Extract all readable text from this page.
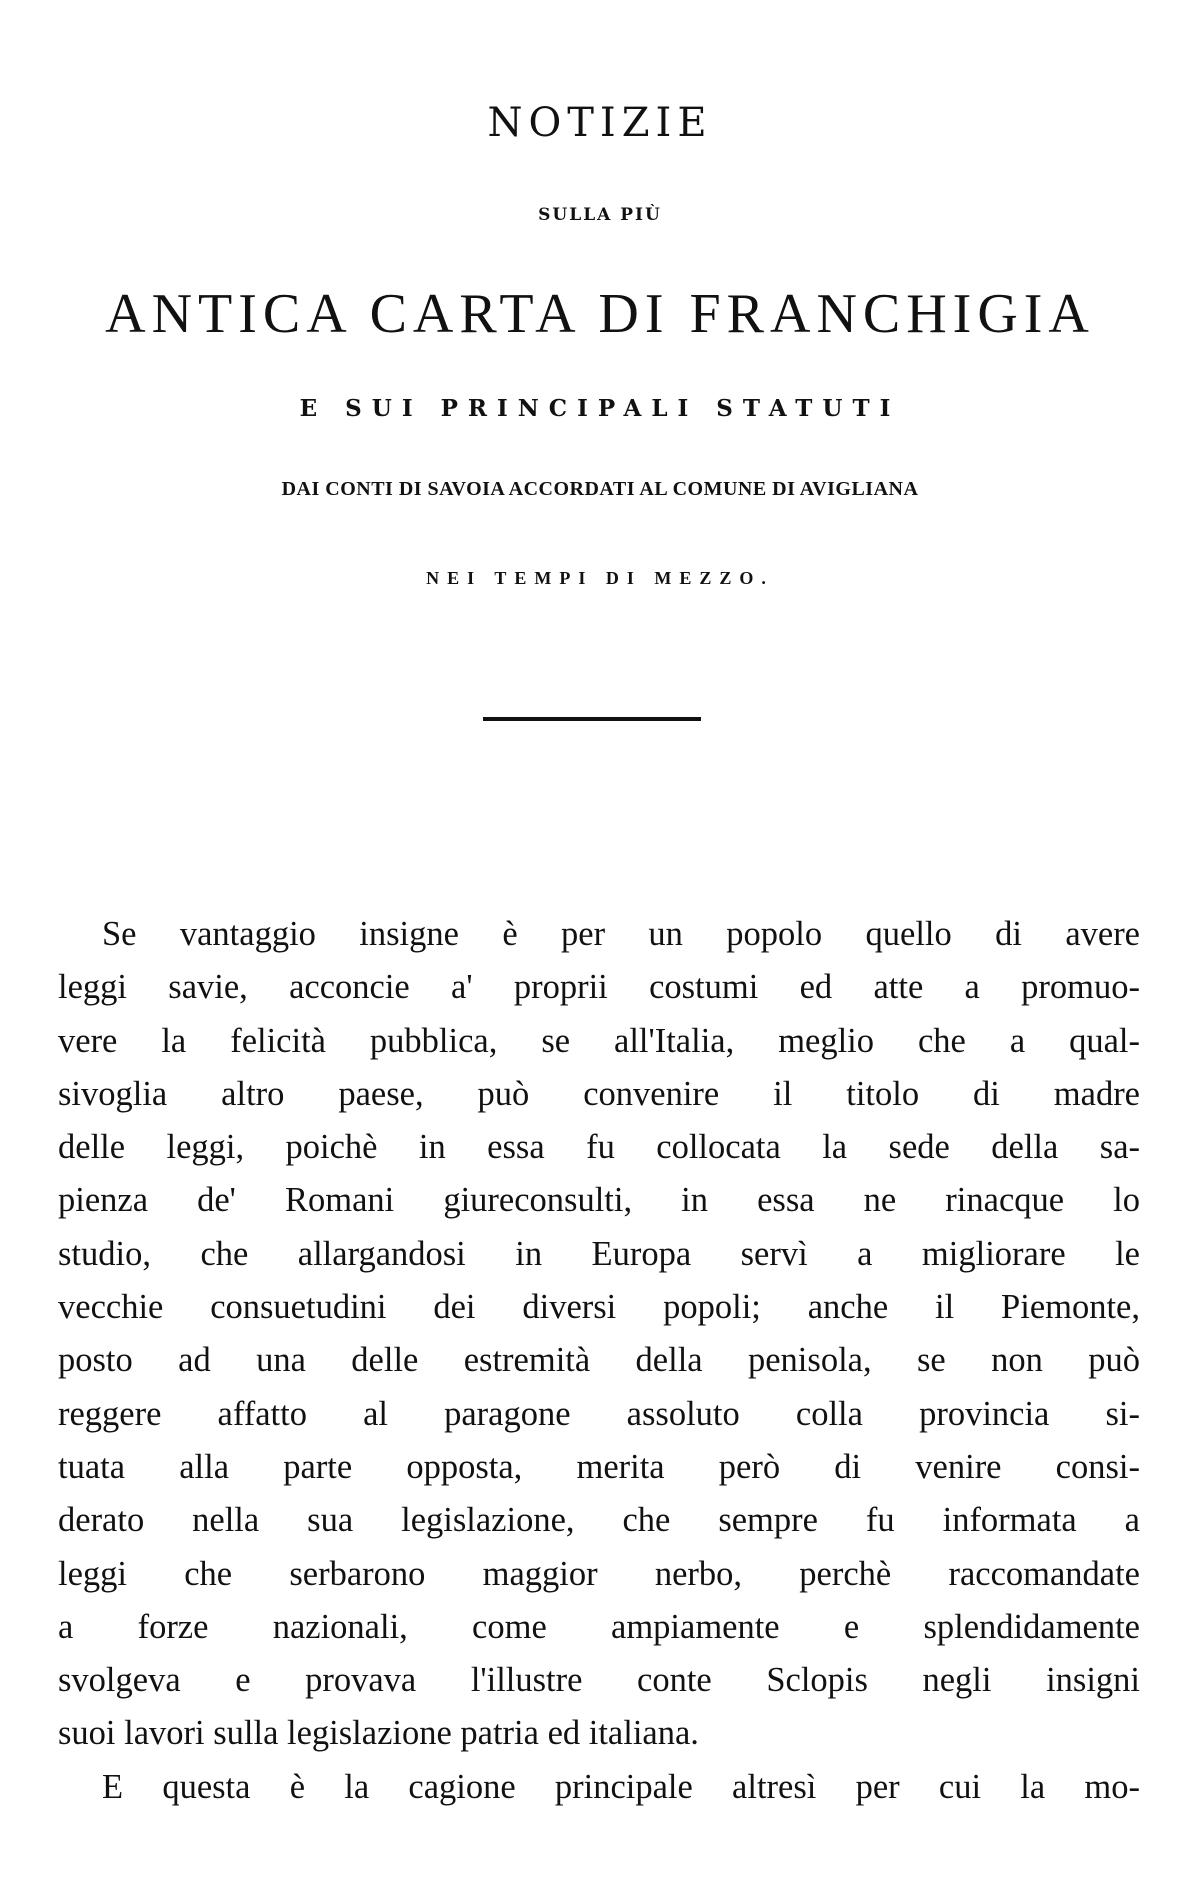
NOTIZIE
SULLA PIÙ
ANTICA CARTA DI FRANCHIGIA
E SUI PRINCIPALI STATUTI
DAI CONTI DI SAVOIA ACCORDATI AL COMUNE DI AVIGLIANA
NEI TEMPI DI MEZZO.
Se vantaggio insigne è per un popolo quello di avere
leggi savie, acconcie a' proprii costumi ed atte a promuo-
vere la felicità pubblica, se all'Italia, meglio che a qual-
sivoglia altro paese, può convenire il titolo di madre
delle leggi, poichè in essa fu collocata la sede della sa-
pienza de' Romani giureconsulti, in essa ne rinacque lo
studio, che allargandosi in Europa servì a migliorare le
vecchie consuetudini dei diversi popoli; anche il Piemonte,
posto ad una delle estremità della penisola, se non può
reggere affatto al paragone assoluto colla provincia si-
tuata alla parte opposta, merita però di venire consi-
derato nella sua legislazione, che sempre fu informata a
leggi che serbarono maggior nerbo, perchè raccomandate
a forze nazionali, come ampiamente e splendidamente
svolgeva e provava l'illustre conte Sclopis negli insigni
suoi lavori sulla legislazione patria ed italiana.
E questa è la cagione principale altresì per cui la mo-
